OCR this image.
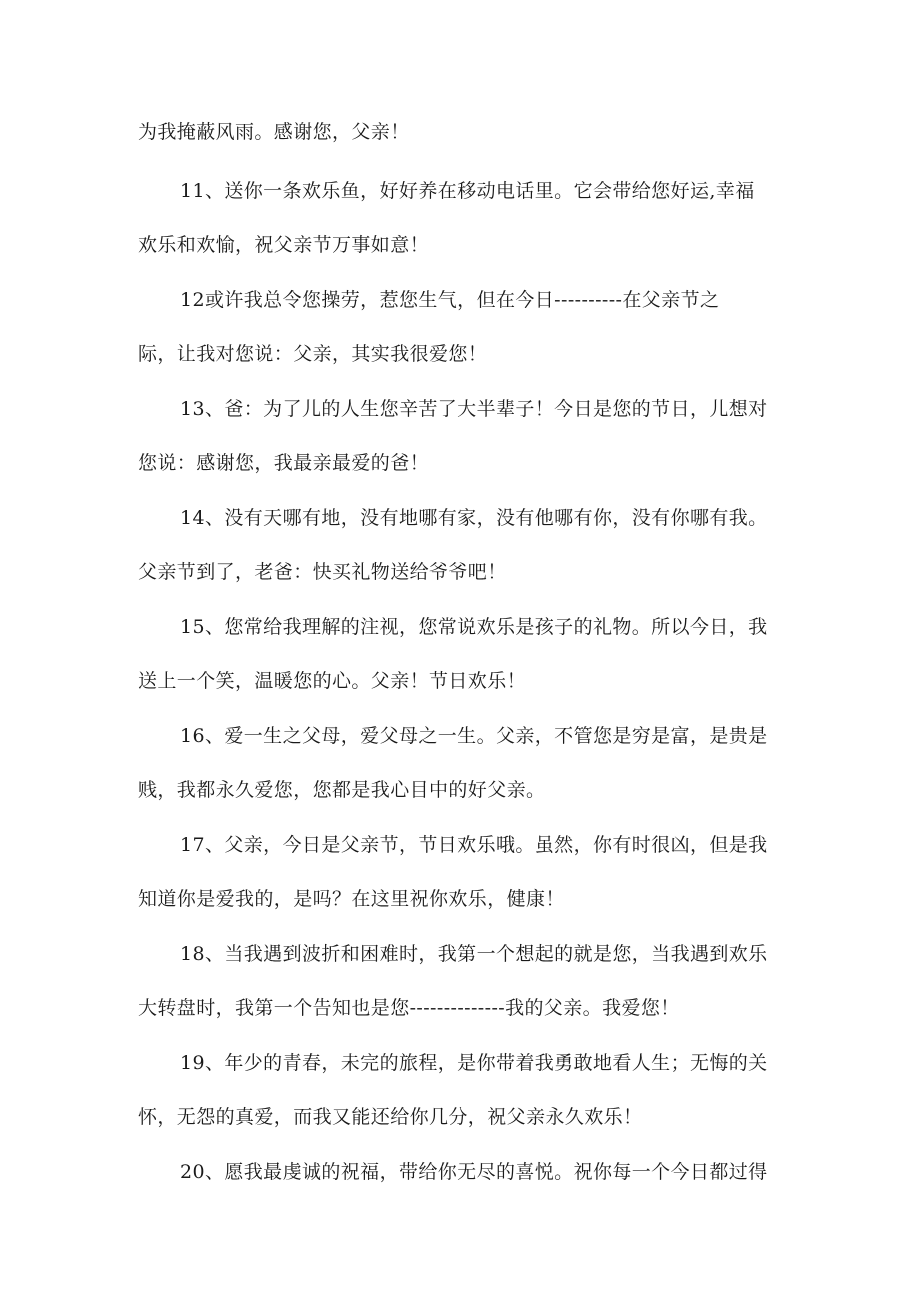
为我掩蔽风雨。感谢您，父亲！
11、送你一条欢乐鱼，好好养在移动电话里。它会带给您好运,幸福
欢乐和欢愉，祝父亲节万事如意！
12或许我总令您操劳，惹您生气，但在今日----------在父亲节之
际，让我对您说：父亲，其实我很爱您！
13、爸：为了儿的人生您辛苦了大半辈子！今日是您的节日，儿想对
您说：感谢您，我最亲最爱的爸！
14、没有天哪有地，没有地哪有家，没有他哪有你，没有你哪有我。
父亲节到了，老爸：快买礼物送给爷爷吧！
15、您常给我理解的注视，您常说欢乐是孩子的礼物。所以今日，我
送上一个笑，温暖您的心。父亲！节日欢乐！
16、爱一生之父母，爱父母之一生。父亲，不管您是穷是富，是贵是
贱，我都永久爱您，您都是我心目中的好父亲。
17、父亲，今日是父亲节，节日欢乐哦。虽然，你有时很凶，但是我
知道你是爱我的，是吗？在这里祝你欢乐，健康！
18、当我遇到波折和困难时，我第一个想起的就是您，当我遇到欢乐
大转盘时，我第一个告知也是您--------------我的父亲。我爱您！
19、年少的青春，未完的旅程，是你带着我勇敢地看人生；无悔的关
怀，无怨的真爱，而我又能还给你几分，祝父亲永久欢乐！
20、愿我最虔诚的祝福，带给你无尽的喜悦。祝你每一个今日都过得
